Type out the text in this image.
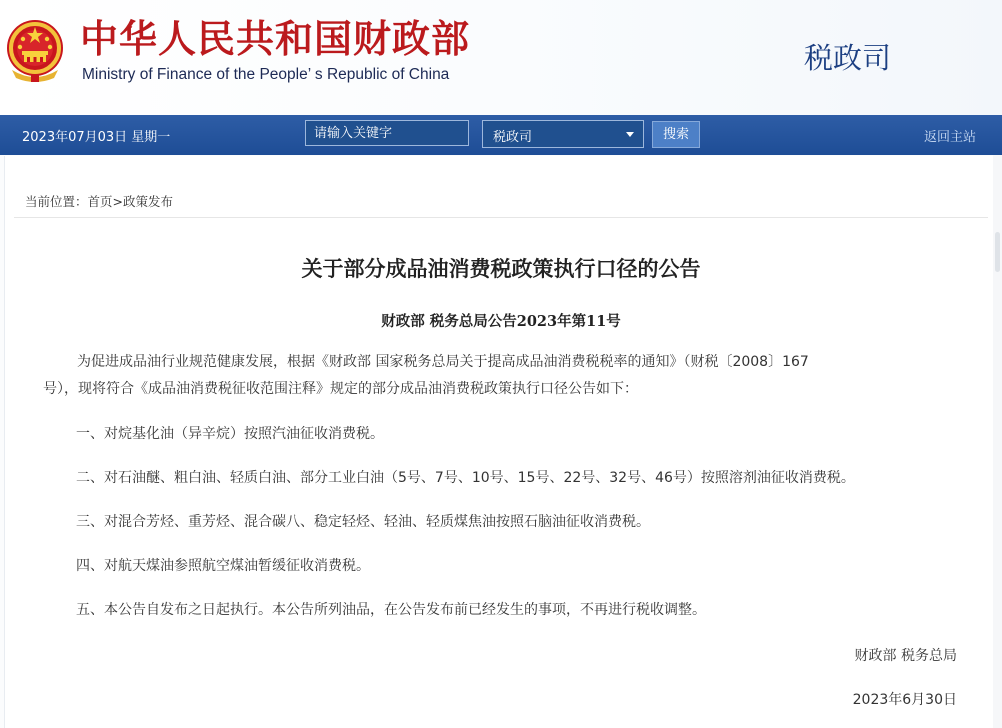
中华人民共和国财政部
Ministry of Finance of the People’ s Republic of China	税政司
2023年07月03日 星期一
请输入关键字	税政司	搜索	返回主站
当前位置：首页>政策发布
关于部分成品油消费税政策执行口径的公告
财政部 税务总局公告2023年第11号
为促进成品油行业规范健康发展，根据《财政部 国家税务总局关于提高成品油消费税税率的通知》（财税〔2008〕167
号），现将符合《成品油消费税征收范围注释》规定的部分成品油消费税政策执行口径公告如下：
一、对烷基化油（异辛烷）按照汽油征收消费税。
二、对石油醚、粗白油、轻质白油、部分工业白油（5号、7号、10号、15号、22号、32号、46号）按照溶剂油征收消费税。
三、对混合芳烃、重芳烃、混合碳八、稳定轻烃、轻油、轻质煤焦油按照石脑油征收消费税。
四、对航天煤油参照航空煤油暂缓征收消费税。
五、本公告自发布之日起执行。本公告所列油品，在公告发布前已经发生的事项，不再进行税收调整。
财政部 税务总局
2023年6月30日
